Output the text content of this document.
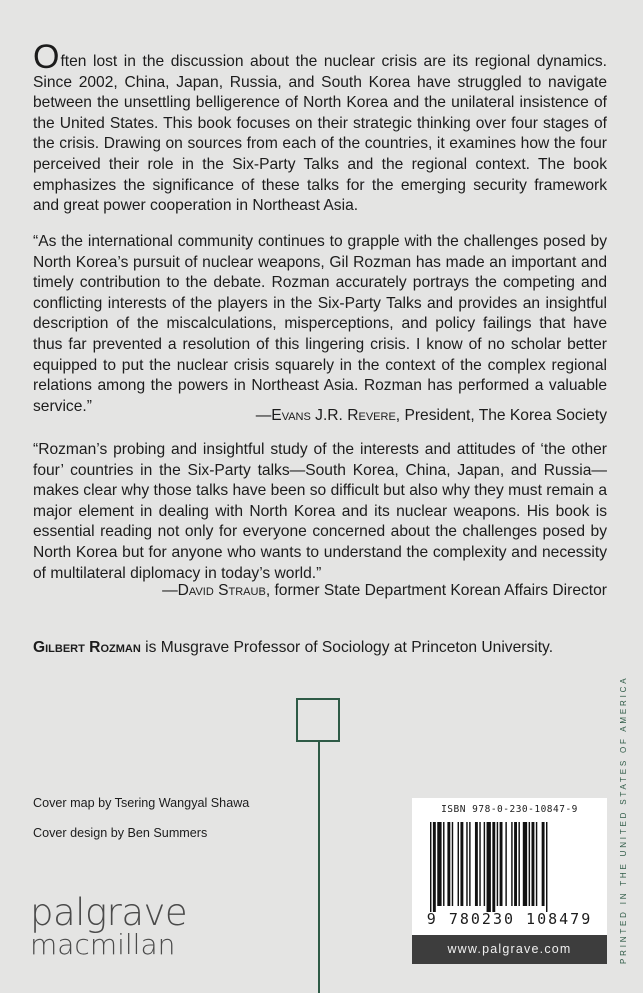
Often lost in the discussion about the nuclear crisis are its regional dynamics. Since 2002, China, Japan, Russia, and South Korea have struggled to navigate between the unsettling belligerence of North Korea and the unilateral insistence of the United States. This book focuses on their strategic thinking over four stages of the crisis. Drawing on sources from each of the countries, it examines how the four perceived their role in the Six-Party Talks and the regional context. The book emphasizes the significance of these talks for the emerging security framework and great power cooperation in Northeast Asia.

“As the international community continues to grapple with the challenges posed by North Korea’s pursuit of nuclear weapons, Gil Rozman has made an important and timely contribution to the debate. Rozman accurately portrays the competing and conflicting interests of the players in the Six-Party Talks and provides an insightful description of the miscalculations, misperceptions, and policy failings that have thus far prevented a resolution of this lingering crisis. I know of no scholar better equipped to put the nuclear crisis squarely in the context of the complex regional relations among the powers in Northeast Asia. Rozman has performed a valuable service.”

—Evans J.R. Revere, President, The Korea Society

“Rozman’s probing and insightful study of the interests and attitudes of ‘the other four’ countries in the Six-Party talks—South Korea, China, Japan, and Russia—makes clear why those talks have been so difficult but also why they must remain a major element in dealing with North Korea and its nuclear weapons. His book is essential reading not only for everyone concerned about the challenges posed by North Korea but for anyone who wants to understand the complexity and necessity of multilateral diplomacy in today’s world.”

—David Straub, former State Department Korean Affairs Director
Gilbert Rozman is Musgrave Professor of Sociology at Princeton University.
Cover map by Tsering Wangyal Shawa
Cover design by Ben Summers
palgrave
macmillan
ISBN 978-0-230-10847-9
9 780230 108479
www.palgrave.com	PRINTED IN THE UNITED STATES OF AMERICA
